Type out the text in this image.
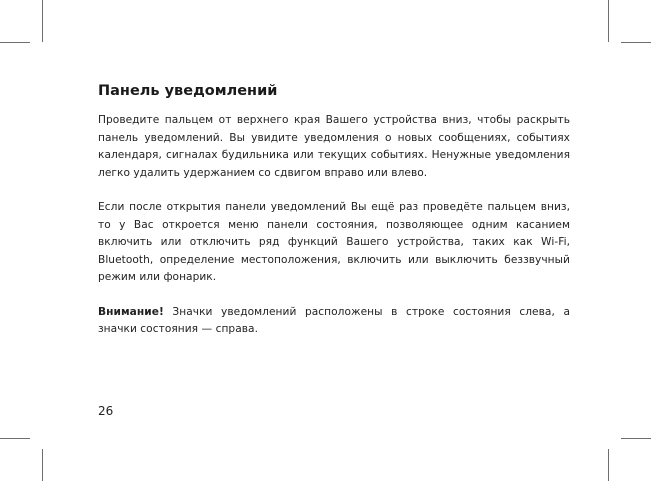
Панель уведомлений

Проведите пальцем от верхнего края Вашего устройства вниз, чтобы раскрыть панель уведомлений. Вы увидите уведомления о новых сообщениях, событиях календаря, сигналах будильника или текущих событиях. Ненужные уведомления легко удалить удержанием со сдвигом вправо или влево.

Если после открытия панели уведомлений Вы ещё раз проведёте пальцем вниз, то у Вас откроется меню панели состояния, позволяющее одним касанием включить или отключить ряд функций Вашего устройства, таких как Wi-Fi, Bluetooth, определение местоположения, включить или выключить беззвучный режим или фонарик.

Внимание! Значки уведомлений расположены в строке состояния слева, а значки состояния — справа.

26
